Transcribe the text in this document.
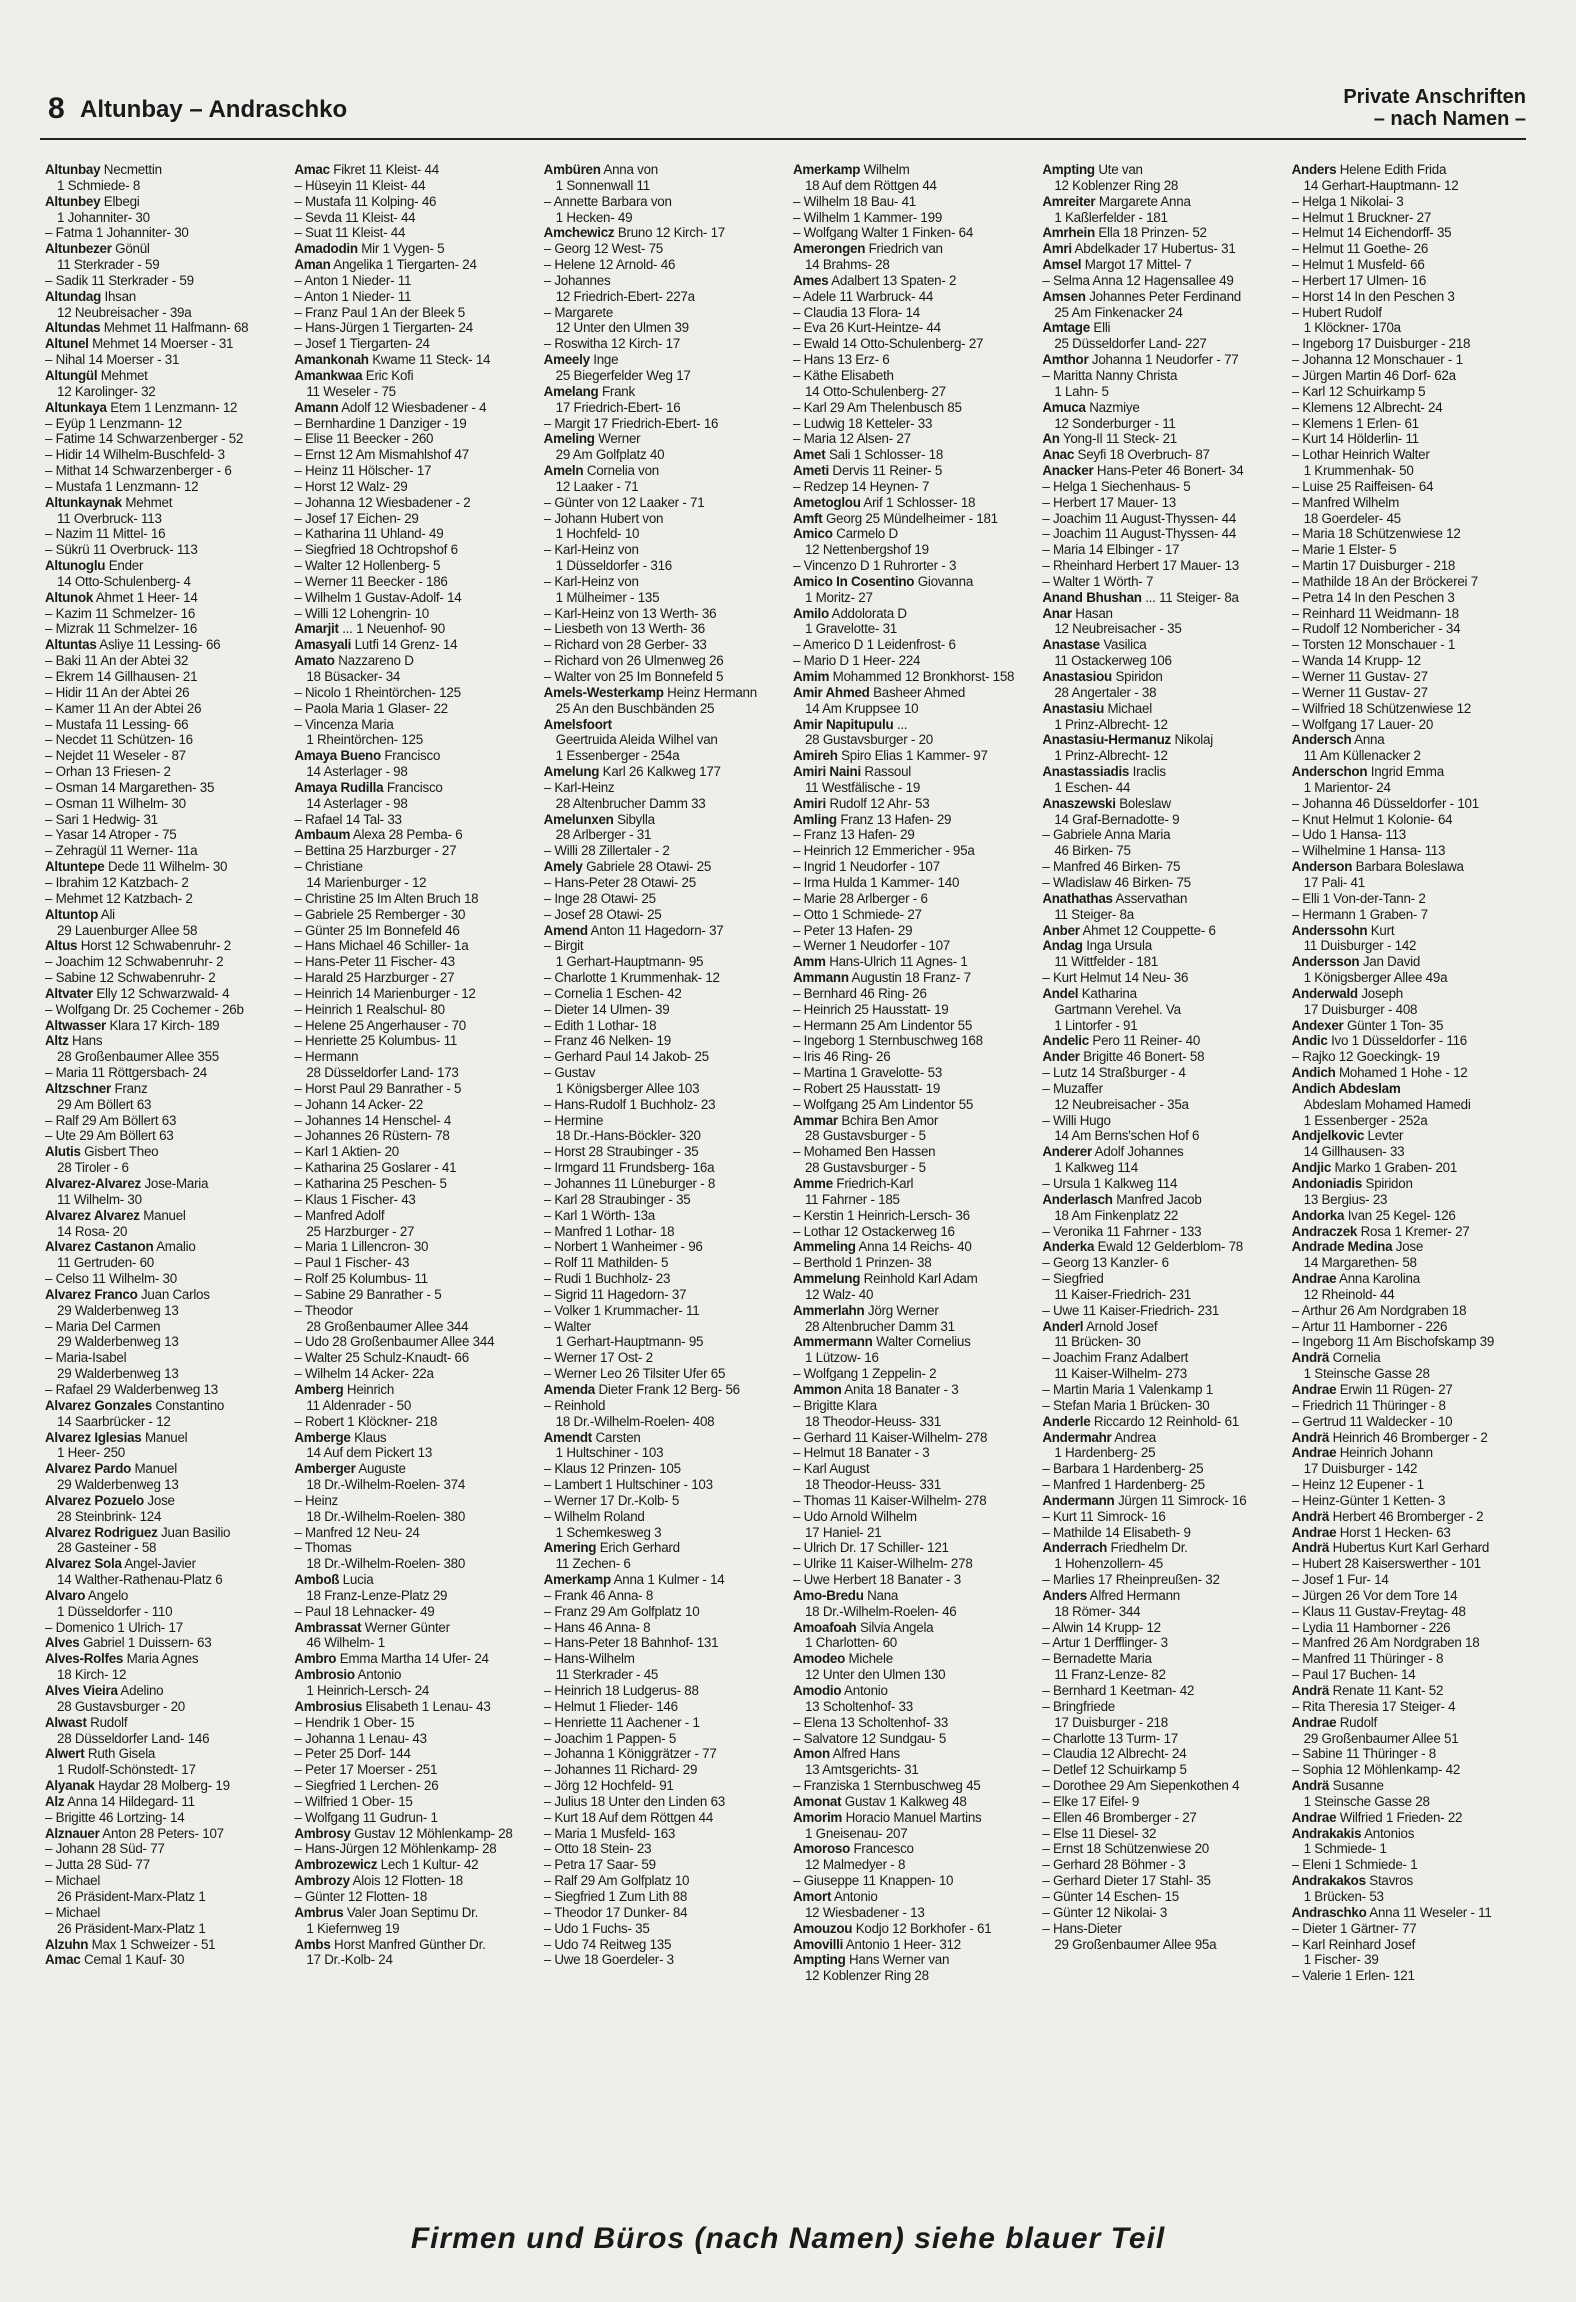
8 Altunbay – Andraschko	Private Anschriften
– nach Namen –
Altunbay Necmettin
1 Schmiede- 8
Altunbey Elbegi
1 Johanniter- 30
– Fatma 1 Johanniter- 30
Altunbezer Gönül
11 Sterkrader - 59
– Sadik 11 Sterkrader - 59
Altundag Ihsan
12 Neubreisacher - 39a
Altundas Mehmet 11 Halfmann- 68
Altunel Mehmet 14 Moerser - 31
– Nihal 14 Moerser - 31
Altungül Mehmet
12 Karolinger- 32
Altunkaya Etem 1 Lenzmann- 12
– Eyüp 1 Lenzmann- 12
– Fatime 14 Schwarzenberger - 52
– Hidir 14 Wilhelm-Buschfeld- 3
– Mithat 14 Schwarzenberger - 6
– Mustafa 1 Lenzmann- 12
Altunkaynak Mehmet
11 Overbruck- 113
– Nazim 11 Mittel- 16
– Sükrü 11 Overbruck- 113
Altunoglu Ender
14 Otto-Schulenberg- 4
Altunok Ahmet 1 Heer- 14
– Kazim 11 Schmelzer- 16
– Mizrak 11 Schmelzer- 16
Altuntas Asliye 11 Lessing- 66
– Baki 11 An der Abtei 32
– Ekrem 14 Gillhausen- 21
– Hidir 11 An der Abtei 26
– Kamer 11 An der Abtei 26
– Mustafa 11 Lessing- 66
– Necdet 11 Schützen- 16
– Nejdet 11 Weseler - 87
– Orhan 13 Friesen- 2
– Osman 14 Margarethen- 35
– Osman 11 Wilhelm- 30
– Sari 1 Hedwig- 31
– Yasar 14 Atroper - 75
– Zehragül 11 Werner- 11a
Altuntepe Dede 11 Wilhelm- 30
– Ibrahim 12 Katzbach- 2
– Mehmet 12 Katzbach- 2
Altuntop Ali
29 Lauenburger Allee 58
Altus Horst 12 Schwabenruhr- 2
– Joachim 12 Schwabenruhr- 2
– Sabine 12 Schwabenruhr- 2
Altvater Elly 12 Schwarzwald- 4
– Wolfgang Dr. 25 Cochemer - 26b
Altwasser Klara 17 Kirch- 189
Altz Hans
28 Großenbaumer Allee 355
– Maria 11 Röttgersbach- 24
Altzschner Franz
29 Am Böllert 63
– Ralf 29 Am Böllert 63
– Ute 29 Am Böllert 63
Alutis Gisbert Theo
28 Tiroler - 6
Alvarez-Alvarez Jose-Maria
11 Wilhelm- 30
Alvarez Alvarez Manuel
14 Rosa- 20
Alvarez Castanon Amalio
11 Gertruden- 60
– Celso 11 Wilhelm- 30
Alvarez Franco Juan Carlos
29 Walderbenweg 13
– Maria Del Carmen
29 Walderbenweg 13
– Maria-Isabel
29 Walderbenweg 13
– Rafael 29 Walderbenweg 13
Alvarez Gonzales Constantino
14 Saarbrücker - 12
Alvarez Iglesias Manuel
1 Heer- 250
Alvarez Pardo Manuel
29 Walderbenweg 13
Alvarez Pozuelo Jose
28 Steinbrink- 124
Alvarez Rodriguez Juan Basilio
28 Gasteiner - 58
Alvarez Sola Angel-Javier
14 Walther-Rathenau-Platz 6
Alvaro Angelo
1 Düsseldorfer - 110
– Domenico 1 Ulrich- 17
Alves Gabriel 1 Duissern- 63
Alves-Rolfes Maria Agnes
18 Kirch- 12
Alves Vieira Adelino
28 Gustavsburger - 20
Alwast Rudolf
28 Düsseldorfer Land- 146
Alwert Ruth Gisela
1 Rudolf-Schönstedt- 17
Alyanak Haydar 28 Molberg- 19
Alz Anna 14 Hildegard- 11
– Brigitte 46 Lortzing- 14
Alznauer Anton 28 Peters- 107
– Johann 28 Süd- 77
– Jutta 28 Süd- 77
– Michael
26 Präsident-Marx-Platz 1
– Michael
26 Präsident-Marx-Platz 1
Alzuhn Max 1 Schweizer - 51
Amac Cemal 1 Kauf- 30
Amac Fikret 11 Kleist- 44
– Hüseyin 11 Kleist- 44
– Mustafa 11 Kolping- 46
– Sevda 11 Kleist- 44
– Suat 11 Kleist- 44
Amadodin Mir 1 Vygen- 5
Aman Angelika 1 Tiergarten- 24
– Anton 1 Nieder- 11
– Anton 1 Nieder- 11
– Franz Paul 1 An der Bleek 5
– Hans-Jürgen 1 Tiergarten- 24
– Josef 1 Tiergarten- 24
Amankonah Kwame 11 Steck- 14
Amankwaa Eric Kofi
11 Weseler - 75
Amann Adolf 12 Wiesbadener - 4
– Bernhardine 1 Danziger - 19
– Elise 11 Beecker - 260
– Ernst 12 Am Mismahlshof 47
– Heinz 11 Hölscher- 17
– Horst 12 Walz- 29
– Johanna 12 Wiesbadener - 2
– Josef 17 Eichen- 29
– Katharina 11 Uhland- 49
– Siegfried 18 Ochtropshof 6
– Walter 12 Hollenberg- 5
– Werner 11 Beecker - 186
– Wilhelm 1 Gustav-Adolf- 14
– Willi 12 Lohengrin- 10
Amarjit ... 1 Neuenhof- 90
Amasyali Lutfi 14 Grenz- 14
Amato Nazzareno D
18 Büsacker- 34
– Nicolo 1 Rheintörchen- 125
– Paola Maria 1 Glaser- 22
– Vincenza Maria
1 Rheintörchen- 125
Amaya Bueno Francisco
14 Asterlager - 98
Amaya Rudilla Francisco
14 Asterlager - 98
– Rafael 14 Tal- 33
Ambaum Alexa 28 Pemba- 6
– Bettina 25 Harzburger - 27
– Christiane
14 Marienburger - 12
– Christine 25 Im Alten Bruch 18
– Gabriele 25 Remberger - 30
– Günter 25 Im Bonnefeld 46
– Hans Michael 46 Schiller- 1a
– Hans-Peter 11 Fischer- 43
– Harald 25 Harzburger - 27
– Heinrich 14 Marienburger - 12
– Heinrich 1 Realschul- 80
– Helene 25 Angerhauser - 70
– Henriette 25 Kolumbus- 11
– Hermann
28 Düsseldorfer Land- 173
– Horst Paul 29 Banrather - 5
– Johann 14 Acker- 22
– Johannes 14 Henschel- 4
– Johannes 26 Rüstern- 78
– Karl 1 Aktien- 20
– Katharina 25 Goslarer - 41
– Katharina 25 Peschen- 5
– Klaus 1 Fischer- 43
– Manfred Adolf
25 Harzburger - 27
– Maria 1 Lillencron- 30
– Paul 1 Fischer- 43
– Rolf 25 Kolumbus- 11
– Sabine 29 Banrather - 5
– Theodor
28 Großenbaumer Allee 344
– Udo 28 Großenbaumer Allee 344
– Walter 25 Schulz-Knaudt- 66
– Wilhelm 14 Acker- 22a
Amberg Heinrich
11 Aldenrader - 50
– Robert 1 Klöckner- 218
Amberge Klaus
14 Auf dem Pickert 13
Amberger Auguste
18 Dr.-Wilhelm-Roelen- 374
– Heinz
18 Dr.-Wilhelm-Roelen- 380
– Manfred 12 Neu- 24
– Thomas
18 Dr.-Wilhelm-Roelen- 380
Amboß Lucia
18 Franz-Lenze-Platz 29
– Paul 18 Lehnacker- 49
Ambrassat Werner Günter
46 Wilhelm- 1
Ambro Emma Martha 14 Ufer- 24
Ambrosio Antonio
1 Heinrich-Lersch- 24
Ambrosius Elisabeth 1 Lenau- 43
– Hendrik 1 Ober- 15
– Johanna 1 Lenau- 43
– Peter 25 Dorf- 144
– Peter 17 Moerser - 251
– Siegfried 1 Lerchen- 26
– Wilfried 1 Ober- 15
– Wolfgang 11 Gudrun- 1
Ambrosy Gustav 12 Möhlenkamp- 28
– Hans-Jürgen 12 Möhlenkamp- 28
Ambrozewicz Lech 1 Kultur- 42
Ambrozy Alois 12 Flotten- 18
– Günter 12 Flotten- 18
Ambrus Valer Joan Septimu Dr.
1 Kiefernweg 19
Ambs Horst Manfred Günther Dr.
17 Dr.-Kolb- 24
Ambüren Anna von
1 Sonnenwall 11
– Annette Barbara von
1 Hecken- 49
Amchewicz Bruno 12 Kirch- 17
– Georg 12 West- 75
– Helene 12 Arnold- 46
– Johannes
12 Friedrich-Ebert- 227a
– Margarete
12 Unter den Ulmen 39
– Roswitha 12 Kirch- 17
Ameely Inge
25 Biegerfelder Weg 17
Amelang Frank
17 Friedrich-Ebert- 16
– Margit 17 Friedrich-Ebert- 16
Ameling Werner
29 Am Golfplatz 40
Ameln Cornelia von
12 Laaker - 71
– Günter von 12 Laaker - 71
– Johann Hubert von
1 Hochfeld- 10
– Karl-Heinz von
1 Düsseldorfer - 316
– Karl-Heinz von
1 Mülheimer - 135
– Karl-Heinz von 13 Werth- 36
– Liesbeth von 13 Werth- 36
– Richard von 28 Gerber- 33
– Richard von 26 Ulmenweg 26
– Walter von 25 Im Bonnefeld 5
Amels-Westerkamp Heinz Hermann
25 An den Buschbänden 25
Amelsfoort
Geertruida Aleida Wilhel van
1 Essenberger - 254a
Amelung Karl 26 Kalkweg 177
– Karl-Heinz
28 Altenbrucher Damm 33
Amelunxen Sibylla
28 Arlberger - 31
– Willi 28 Zillertaler - 2
Amely Gabriele 28 Otawi- 25
– Hans-Peter 28 Otawi- 25
– Inge 28 Otawi- 25
– Josef 28 Otawi- 25
Amend Anton 11 Hagedorn- 37
– Birgit
1 Gerhart-Hauptmann- 95
– Charlotte 1 Krummenhak- 12
– Cornelia 1 Eschen- 42
– Dieter 14 Ulmen- 39
– Edith 1 Lothar- 18
– Franz 46 Nelken- 19
– Gerhard Paul 14 Jakob- 25
– Gustav
1 Königsberger Allee 103
– Hans-Rudolf 1 Buchholz- 23
– Hermine
18 Dr.-Hans-Böckler- 320
– Horst 28 Straubinger - 35
– Irmgard 11 Frundsberg- 16a
– Johannes 11 Lüneburger - 8
– Karl 28 Straubinger - 35
– Karl 1 Wörth- 13a
– Manfred 1 Lothar- 18
– Norbert 1 Wanheimer - 96
– Rolf 11 Mathilden- 5
– Rudi 1 Buchholz- 23
– Sigrid 11 Hagedorn- 37
– Volker 1 Krummacher- 11
– Walter
1 Gerhart-Hauptmann- 95
– Werner 17 Ost- 2
– Werner Leo 26 Tilsiter Ufer 65
Amenda Dieter Frank 12 Berg- 56
– Reinhold
18 Dr.-Wilhelm-Roelen- 408
Amendt Carsten
1 Hultschiner - 103
– Klaus 12 Prinzen- 105
– Lambert 1 Hultschiner - 103
– Werner 17 Dr.-Kolb- 5
– Wilhelm Roland
1 Schemkesweg 3
Amering Erich Gerhard
11 Zechen- 6
Amerkamp Anna 1 Kulmer - 14
– Frank 46 Anna- 8
– Franz 29 Am Golfplatz 10
– Hans 46 Anna- 8
– Hans-Peter 18 Bahnhof- 131
– Hans-Wilhelm
11 Sterkrader - 45
– Heinrich 18 Ludgerus- 88
– Helmut 1 Flieder- 146
– Henriette 11 Aachener - 1
– Joachim 1 Pappen- 5
– Johanna 1 Königgrätzer - 77
– Johannes 11 Richard- 29
– Jörg 12 Hochfeld- 91
– Julius 18 Unter den Linden 63
– Kurt 18 Auf dem Röttgen 44
– Maria 1 Musfeld- 163
– Otto 18 Stein- 23
– Petra 17 Saar- 59
– Ralf 29 Am Golfplatz 10
– Siegfried 1 Zum Lith 88
– Theodor 17 Dunker- 84
– Udo 1 Fuchs- 35
– Udo 74 Reitweg 135
– Uwe 18 Goerdeler- 3
Amerkamp Wilhelm
18 Auf dem Röttgen 44
– Wilhelm 18 Bau- 41
– Wilhelm 1 Kammer- 199
– Wolfgang Walter 1 Finken- 64
Amerongen Friedrich van
14 Brahms- 28
Ames Adalbert 13 Spaten- 2
– Adele 11 Warbruck- 44
– Claudia 13 Flora- 14
– Eva 26 Kurt-Heintze- 44
– Ewald 14 Otto-Schulenberg- 27
– Hans 13 Erz- 6
– Käthe Elisabeth
14 Otto-Schulenberg- 27
– Karl 29 Am Thelenbusch 85
– Ludwig 18 Ketteler- 33
– Maria 12 Alsen- 27
Amet Sali 1 Schlosser- 18
Ameti Dervis 11 Reiner- 5
– Redzep 14 Heynen- 7
Ametoglou Arif 1 Schlosser- 18
Amft Georg 25 Mündelheimer - 181
Amico Carmelo D
12 Nettenbergshof 19
– Vincenzo D 1 Ruhrorter - 3
Amico In Cosentino Giovanna
1 Moritz- 27
Amilo Addolorata D
1 Gravelotte- 31
– Americo D 1 Leidenfrost- 6
– Mario D 1 Heer- 224
Amim Mohammed 12 Bronkhorst- 158
Amir Ahmed Basheer Ahmed
14 Am Kruppsee 10
Amir Napitupulu ...
28 Gustavsburger - 20
Amireh Spiro Elias 1 Kammer- 97
Amiri Naini Rassoul
11 Westfälische - 19
Amiri Rudolf 12 Ahr- 53
Amling Franz 13 Hafen- 29
– Franz 13 Hafen- 29
– Heinrich 12 Emmericher - 95a
– Ingrid 1 Neudorfer - 107
– Irma Hulda 1 Kammer- 140
– Marie 28 Arlberger - 6
– Otto 1 Schmiede- 27
– Peter 13 Hafen- 29
– Werner 1 Neudorfer - 107
Amm Hans-Ulrich 11 Agnes- 1
Ammann Augustin 18 Franz- 7
– Bernhard 46 Ring- 26
– Heinrich 25 Hausstatt- 19
– Hermann 25 Am Lindentor 55
– Ingeborg 1 Sternbuschweg 168
– Iris 46 Ring- 26
– Martina 1 Gravelotte- 53
– Robert 25 Hausstatt- 19
– Wolfgang 25 Am Lindentor 55
Ammar Bchira Ben Amor
28 Gustavsburger - 5
– Mohamed Ben Hassen
28 Gustavsburger - 5
Amme Friedrich-Karl
11 Fahrner - 185
– Kerstin 1 Heinrich-Lersch- 36
– Lothar 12 Ostackerweg 16
Ammeling Anna 14 Reichs- 40
– Berthold 1 Prinzen- 38
Ammelung Reinhold Karl Adam
12 Walz- 40
Ammerlahn Jörg Werner
28 Altenbrucher Damm 31
Ammermann Walter Cornelius
1 Lützow- 16
– Wolfgang 1 Zeppelin- 2
Ammon Anita 18 Banater - 3
– Brigitte Klara
18 Theodor-Heuss- 331
– Gerhard 11 Kaiser-Wilhelm- 278
– Helmut 18 Banater - 3
– Karl August
18 Theodor-Heuss- 331
– Thomas 11 Kaiser-Wilhelm- 278
– Udo Arnold Wilhelm
17 Haniel- 21
– Ulrich Dr. 17 Schiller- 121
– Ulrike 11 Kaiser-Wilhelm- 278
– Uwe Herbert 18 Banater - 3
Amo-Bredu Nana
18 Dr.-Wilhelm-Roelen- 46
Amoafoah Silvia Angela
1 Charlotten- 60
Amodeo Michele
12 Unter den Ulmen 130
Amodio Antonio
13 Scholtenhof- 33
– Elena 13 Scholtenhof- 33
– Salvatore 12 Sundgau- 5
Amon Alfred Hans
13 Amtsgerichts- 31
– Franziska 1 Sternbuschweg 45
Amonat Gustav 1 Kalkweg 48
Amorim Horacio Manuel Martins
1 Gneisenau- 207
Amoroso Francesco
12 Malmedyer - 8
– Giuseppe 11 Knappen- 10
Amort Antonio
12 Wiesbadener - 13
Amouzou Kodjo 12 Borkhofer - 61
Amovilli Antonio 1 Heer- 312
Ampting Hans Werner van
12 Koblenzer Ring 28
Ampting Ute van
12 Koblenzer Ring 28
Amreiter Margarete Anna
1 Kaßlerfelder - 181
Amrhein Ella 18 Prinzen- 52
Amri Abdelkader 17 Hubertus- 31
Amsel Margot 17 Mittel- 7
– Selma Anna 12 Hagensallee 49
Amsen Johannes Peter Ferdinand
25 Am Finkenacker 24
Amtage Elli
25 Düsseldorfer Land- 227
Amthor Johanna 1 Neudorfer - 77
– Maritta Nanny Christa
1 Lahn- 5
Amuca Nazmiye
12 Sonderburger - 11
An Yong-Il 11 Steck- 21
Anac Seyfi 18 Overbruch- 87
Anacker Hans-Peter 46 Bonert- 34
– Helga 1 Siechenhaus- 5
– Herbert 17 Mauer- 13
– Joachim 11 August-Thyssen- 44
– Joachim 11 August-Thyssen- 44
– Maria 14 Elbinger - 17
– Rheinhard Herbert 17 Mauer- 13
– Walter 1 Wörth- 7
Anand Bhushan ... 11 Steiger- 8a
Anar Hasan
12 Neubreisacher - 35
Anastase Vasilica
11 Ostackerweg 106
Anastasiou Spiridon
28 Angertaler - 38
Anastasiu Michael
1 Prinz-Albrecht- 12
Anastasiu-Hermanuz Nikolaj
1 Prinz-Albrecht- 12
Anastassiadis Iraclis
1 Eschen- 44
Anaszewski Boleslaw
14 Graf-Bernadotte- 9
– Gabriele Anna Maria
46 Birken- 75
– Manfred 46 Birken- 75
– Wladislaw 46 Birken- 75
Anathathas Asservathan
11 Steiger- 8a
Anber Ahmet 12 Couppette- 6
Andag Inga Ursula
11 Wittfelder - 181
– Kurt Helmut 14 Neu- 36
Andel Katharina
Gartmann Verehel. Va
1 Lintorfer - 91
Andelic Pero 11 Reiner- 40
Ander Brigitte 46 Bonert- 58
– Lutz 14 Straßburger - 4
– Muzaffer
12 Neubreisacher - 35a
– Willi Hugo
14 Am Berns'schen Hof 6
Anderer Adolf Johannes
1 Kalkweg 114
– Ursula 1 Kalkweg 114
Anderlasch Manfred Jacob
18 Am Finkenplatz 22
– Veronika 11 Fahrner - 133
Anderka Ewald 12 Gelderblom- 78
– Georg 13 Kanzler- 6
– Siegfried
11 Kaiser-Friedrich- 231
– Uwe 11 Kaiser-Friedrich- 231
Anderl Arnold Josef
11 Brücken- 30
– Joachim Franz Adalbert
11 Kaiser-Wilhelm- 273
– Martin Maria 1 Valenkamp 1
– Stefan Maria 1 Brücken- 30
Anderle Riccardo 12 Reinhold- 61
Andermahr Andrea
1 Hardenberg- 25
– Barbara 1 Hardenberg- 25
– Manfred 1 Hardenberg- 25
Andermann Jürgen 11 Simrock- 16
– Kurt 11 Simrock- 16
– Mathilde 14 Elisabeth- 9
Anderrach Friedhelm Dr.
1 Hohenzollern- 45
– Marlies 17 Rheinpreußen- 32
Anders Alfred Hermann
18 Römer- 344
– Alwin 14 Krupp- 12
– Artur 1 Derfflinger- 3
– Bernadette Maria
11 Franz-Lenze- 82
– Bernhard 1 Keetman- 42
– Bringfriede
17 Duisburger - 218
– Charlotte 13 Turm- 17
– Claudia 12 Albrecht- 24
– Detlef 12 Schuirkamp 5
– Dorothee 29 Am Siepenkothen 4
– Elke 17 Eifel- 9
– Ellen 46 Bromberger - 27
– Else 11 Diesel- 32
– Ernst 18 Schützenwiese 20
– Gerhard 28 Böhmer - 3
– Gerhard Dieter 17 Stahl- 35
– Günter 14 Eschen- 15
– Günter 12 Nikolai- 3
– Hans-Dieter
29 Großenbaumer Allee 95a
Anders Helene Edith Frida
14 Gerhart-Hauptmann- 12
– Helga 1 Nikolai- 3
– Helmut 1 Bruckner- 27
– Helmut 14 Eichendorff- 35
– Helmut 11 Goethe- 26
– Helmut 1 Musfeld- 66
– Herbert 17 Ulmen- 16
– Horst 14 In den Peschen 3
– Hubert Rudolf
1 Klöckner- 170a
– Ingeborg 17 Duisburger - 218
– Johanna 12 Monschauer - 1
– Jürgen Martin 46 Dorf- 62a
– Karl 12 Schuirkamp 5
– Klemens 12 Albrecht- 24
– Klemens 1 Erlen- 61
– Kurt 14 Hölderlin- 11
– Lothar Heinrich Walter
1 Krummenhak- 50
– Luise 25 Raiffeisen- 64
– Manfred Wilhelm
18 Goerdeler- 45
– Maria 18 Schützenwiese 12
– Marie 1 Elster- 5
– Martin 17 Duisburger - 218
– Mathilde 18 An der Bröckerei 7
– Petra 14 In den Peschen 3
– Reinhard 11 Weidmann- 18
– Rudolf 12 Nombericher - 34
– Torsten 12 Monschauer - 1
– Wanda 14 Krupp- 12
– Werner 11 Gustav- 27
– Werner 11 Gustav- 27
– Wilfried 18 Schützenwiese 12
– Wolfgang 17 Lauer- 20
Andersch Anna
11 Am Küllenacker 2
Anderschon Ingrid Emma
1 Marientor- 24
– Johanna 46 Düsseldorfer - 101
– Knut Helmut 1 Kolonie- 64
– Udo 1 Hansa- 113
– Wilhelmine 1 Hansa- 113
Anderson Barbara Boleslawa
17 Pali- 41
– Elli 1 Von-der-Tann- 2
– Hermann 1 Graben- 7
Anderssohn Kurt
11 Duisburger - 142
Andersson Jan David
1 Königsberger Allee 49a
Anderwald Joseph
17 Duisburger - 408
Andexer Günter 1 Ton- 35
Andic Ivo 1 Düsseldorfer - 116
– Rajko 12 Goeckingk- 19
Andich Mohamed 1 Hohe - 12
Andich Abdeslam
Abdeslam Mohamed Hamedi
1 Essenberger - 252a
Andjelkovic Levter
14 Gillhausen- 33
Andjic Marko 1 Graben- 201
Andoniadis Spiridon
13 Bergius- 23
Andorka Ivan 25 Kegel- 126
Andraczek Rosa 1 Kremer- 27
Andrade Medina Jose
14 Margarethen- 58
Andrae Anna Karolina
12 Rheinold- 44
– Arthur 26 Am Nordgraben 18
– Artur 11 Hamborner - 226
– Ingeborg 11 Am Bischofskamp 39
Andrä Cornelia
1 Steinsche Gasse 28
Andrae Erwin 11 Rügen- 27
– Friedrich 11 Thüringer - 8
– Gertrud 11 Waldecker - 10
Andrä Heinrich 46 Bromberger - 2
Andrae Heinrich Johann
17 Duisburger - 142
– Heinz 12 Eupener - 1
– Heinz-Günter 1 Ketten- 3
Andrä Herbert 46 Bromberger - 2
Andrae Horst 1 Hecken- 63
Andrä Hubertus Kurt Karl Gerhard
– Hubert 28 Kaiserswerther - 101
– Josef 1 Fur- 14
– Jürgen 26 Vor dem Tore 14
– Klaus 11 Gustav-Freytag- 48
– Lydia 11 Hamborner - 226
– Manfred 26 Am Nordgraben 18
– Manfred 11 Thüringer - 8
– Paul 17 Buchen- 14
Andrä Renate 11 Kant- 52
– Rita Theresia 17 Steiger- 4
Andrae Rudolf
29 Großenbaumer Allee 51
– Sabine 11 Thüringer - 8
– Sophia 12 Möhlenkamp- 42
Andrä Susanne
1 Steinsche Gasse 28
Andrae Wilfried 1 Frieden- 22
Andrakakis Antonios
1 Schmiede- 1
– Eleni 1 Schmiede- 1
Andrakakos Stavros
1 Brücken- 53
Andraschko Anna 11 Weseler - 11
– Dieter 1 Gärtner- 77
– Karl Reinhard Josef
1 Fischer- 39
– Valerie 1 Erlen- 121
Firmen und Büros (nach Namen) siehe blauer Teil
